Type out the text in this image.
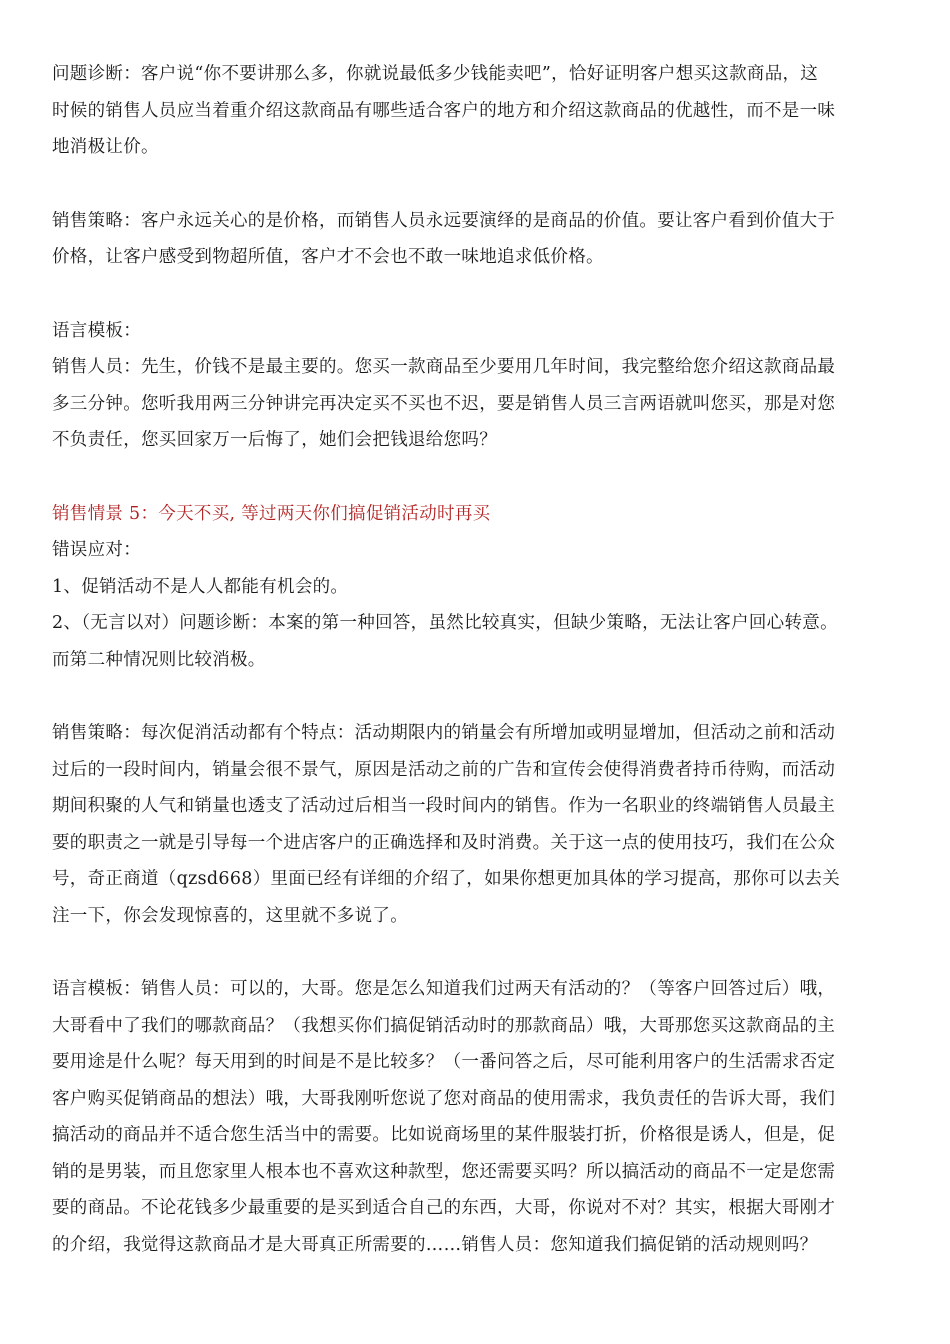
问题诊断：客户说“你不要讲那么多，你就说最低多少钱能卖吧”，恰好证明客户想买这款商品，这
时候的销售人员应当着重介绍这款商品有哪些适合客户的地方和介绍这款商品的优越性，而不是一味
地消极让价。

销售策略：客户永远关心的是价格，而销售人员永远要演绎的是商品的价值。要让客户看到价值大于
价格，让客户感受到物超所值，客户才不会也不敢一味地追求低价格。

语言模板：
销售人员：先生，价钱不是最主要的。您买一款商品至少要用几年时间，我完整给您介绍这款商品最
多三分钟。您听我用两三分钟讲完再决定买不买也不迟，要是销售人员三言两语就叫您买，那是对您
不负责任，您买回家万一后悔了，她们会把钱退给您吗？

销售情景 5：今天不买, 等过两天你们搞促销活动时再买

错误应对：
1、促销活动不是人人都能有机会的。
2、（无言以对）问题诊断：本案的第一种回答，虽然比较真实，但缺少策略，无法让客户回心转意。
而第二种情况则比较消极。

销售策略：每次促消活动都有个特点：活动期限内的销量会有所增加或明显增加，但活动之前和活动
过后的一段时间内，销量会很不景气，原因是活动之前的广告和宣传会使得消费者持币待购，而活动
期间积聚的人气和销量也透支了活动过后相当一段时间内的销售。作为一名职业的终端销售人员最主
要的职责之一就是引导每一个进店客户的正确选择和及时消费。关于这一点的使用技巧，我们在公众
号，奇正商道（qzsd668）里面已经有详细的介绍了，如果你想更加具体的学习提高，那你可以去关
注一下，你会发现惊喜的，这里就不多说了。

语言模板：销售人员：可以的，大哥。您是怎么知道我们过两天有活动的？（等客户回答过后）哦，
大哥看中了我们的哪款商品？（我想买你们搞促销活动时的那款商品）哦，大哥那您买这款商品的主
要用途是什么呢？每天用到的时间是不是比较多？（一番问答之后，尽可能利用客户的生活需求否定
客户购买促销商品的想法）哦，大哥我刚听您说了您对商品的使用需求，我负责任的告诉大哥，我们
搞活动的商品并不适合您生活当中的需要。比如说商场里的某件服装打折，价格很是诱人，但是，促
销的是男装，而且您家里人根本也不喜欢这种款型，您还需要买吗？所以搞活动的商品不一定是您需
要的商品。不论花钱多少最重要的是买到适合自己的东西，大哥，你说对不对？其实，根据大哥刚才
的介绍，我觉得这款商品才是大哥真正所需要的……销售人员：您知道我们搞促销的活动规则吗？
